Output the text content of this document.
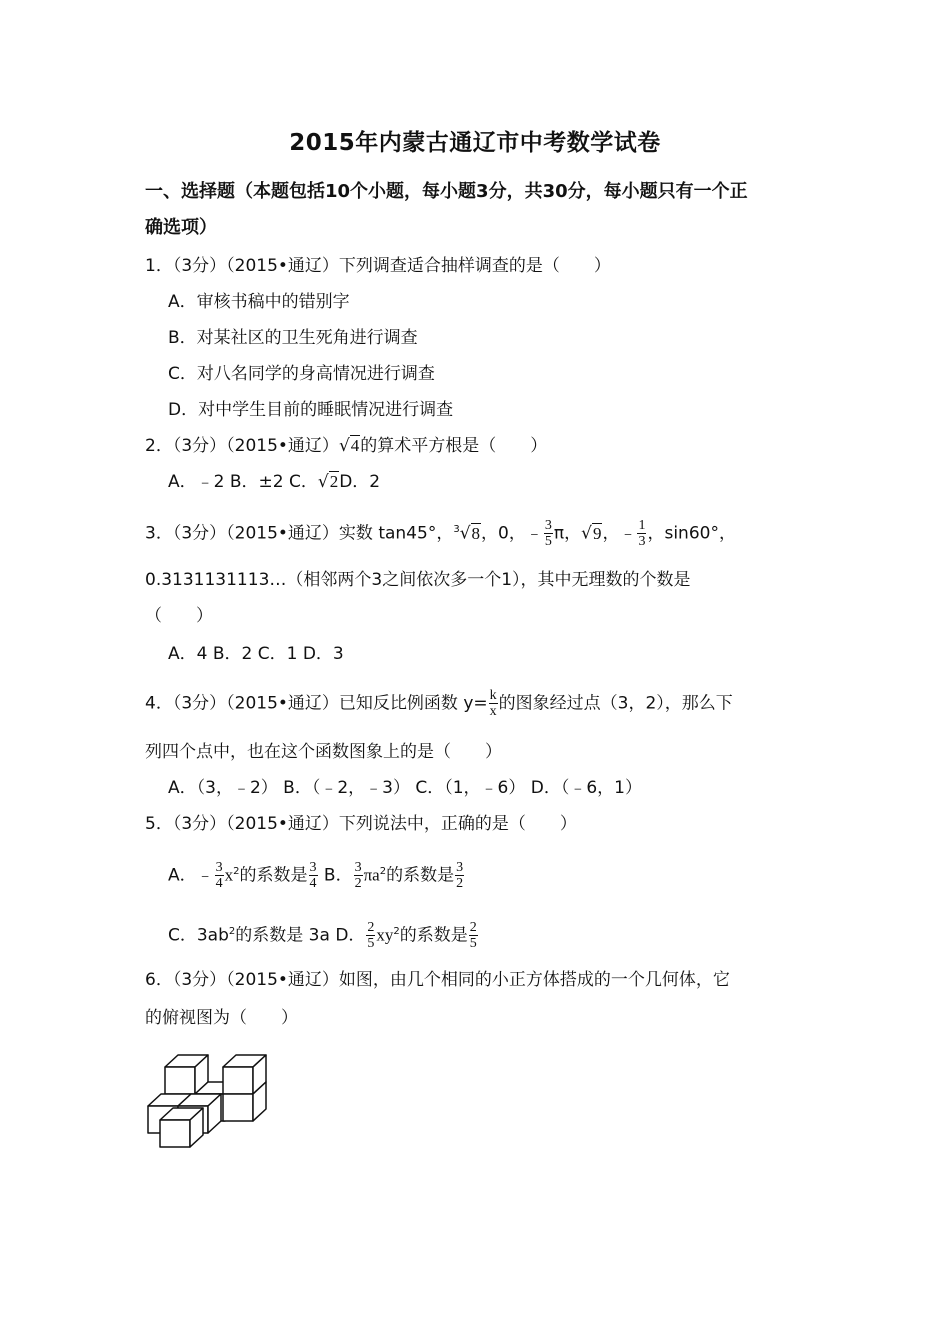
2015年内蒙古通辽市中考数学试卷
一、选择题（本题包括10个小题，每小题3分，共30分，每小题只有一个正
确选项）
1．（3分）（2015•通辽）下列调查适合抽样调查的是（　　）
A．审核书稿中的错别字
B．对某社区的卫生死角进行调查
C．对八名同学的身高情况进行调查
D．对中学生目前的睡眠情况进行调查
2．（3分）（2015•通辽）√4的算术平方根是（　　）
A．﹣2 B．±2 C．√2D．2
3．（3分）（2015•通辽）实数 tan45°，$^3$√8，0，﹣ $\frac{3}{5}$ π，√9，﹣ $\frac{1}{3}$ ，sin60°，
0.3131131113…（相邻两个3之间依次多一个1），其中无理数的个数是
（　　）
A．4 B．2 C．1 D．3
4．（3分）（2015•通辽）已知反比例函数 $y= \frac{k}{x}$ 的图象经过点（3，2），那么下
列四个点中，也在这个函数图象上的是（　　）
A．（3，﹣2） B．（﹣2，﹣3） C．（1，﹣6） D．（﹣6，1）
5．（3分）（2015•通辽）下列说法中，正确的是（　　）
A．﹣ $\frac{3}{4} x^2$的系数是 $\frac{3}{4}$ B． $\frac{3}{2} \pi a^2$的系数是 $\frac{3}{2}$
C．$3ab^2$的系数是 3a D． $\frac{2}{5} xy^2$的系数是 $\frac{2}{5}$
6．（3分）（2015•通辽）如图，由几个相同的小正方体搭成的一个几何体，它
的俯视图为（　　）
